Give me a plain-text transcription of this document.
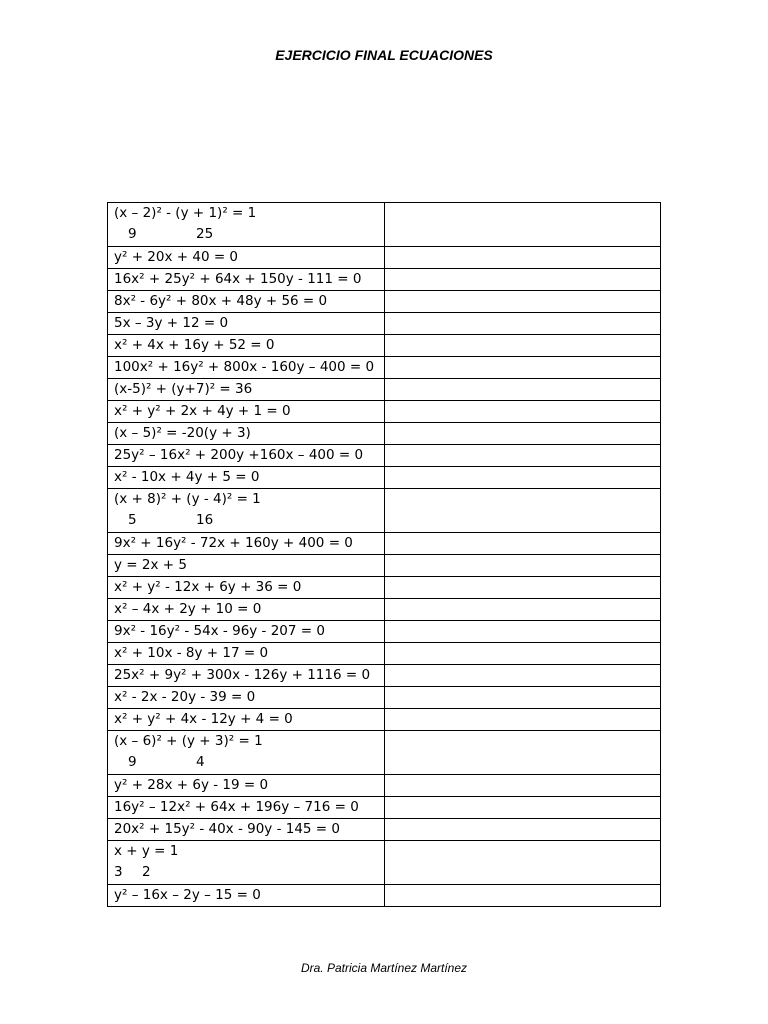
EJERCICIO FINAL ECUACIONES
(x – 2)² - (y + 1)² = 1
9 25	

y² + 20x + 40 = 0	

16x² + 25y² + 64x + 150y - 111 = 0	

8x² - 6y² + 80x + 48y + 56 = 0	

5x – 3y + 12 = 0	

x² + 4x + 16y + 52 = 0	

100x² + 16y² + 800x - 160y – 400 = 0	

(x-5)² + (y+7)² = 36	

x² + y² + 2x + 4y + 1 = 0	

(x – 5)² = -20(y + 3)	

25y² – 16x² + 200y +160x – 400 = 0	

x² - 10x + 4y + 5 = 0	

(x + 8)² + (y - 4)² = 1
5 16	

9x² + 16y² - 72x + 160y + 400 = 0	

y = 2x + 5	

x² + y² - 12x + 6y + 36 = 0	

x² – 4x + 2y + 10 = 0	

9x² - 16y² - 54x - 96y - 207 = 0	

x² + 10x - 8y + 17 = 0	

25x² + 9y² + 300x - 126y + 1116 = 0	

x² - 2x - 20y - 39 = 0	

x² + y² + 4x - 12y + 4 = 0	

(x – 6)² + (y + 3)² = 1
9 4	

y² + 28x + 6y - 19 = 0	

16y² – 12x² + 64x + 196y – 716 = 0	

20x² + 15y² - 40x - 90y - 145 = 0	

x + y = 1
3 2	

y² – 16x – 2y – 15 = 0	

Dra. Patricia Martínez Martínez
